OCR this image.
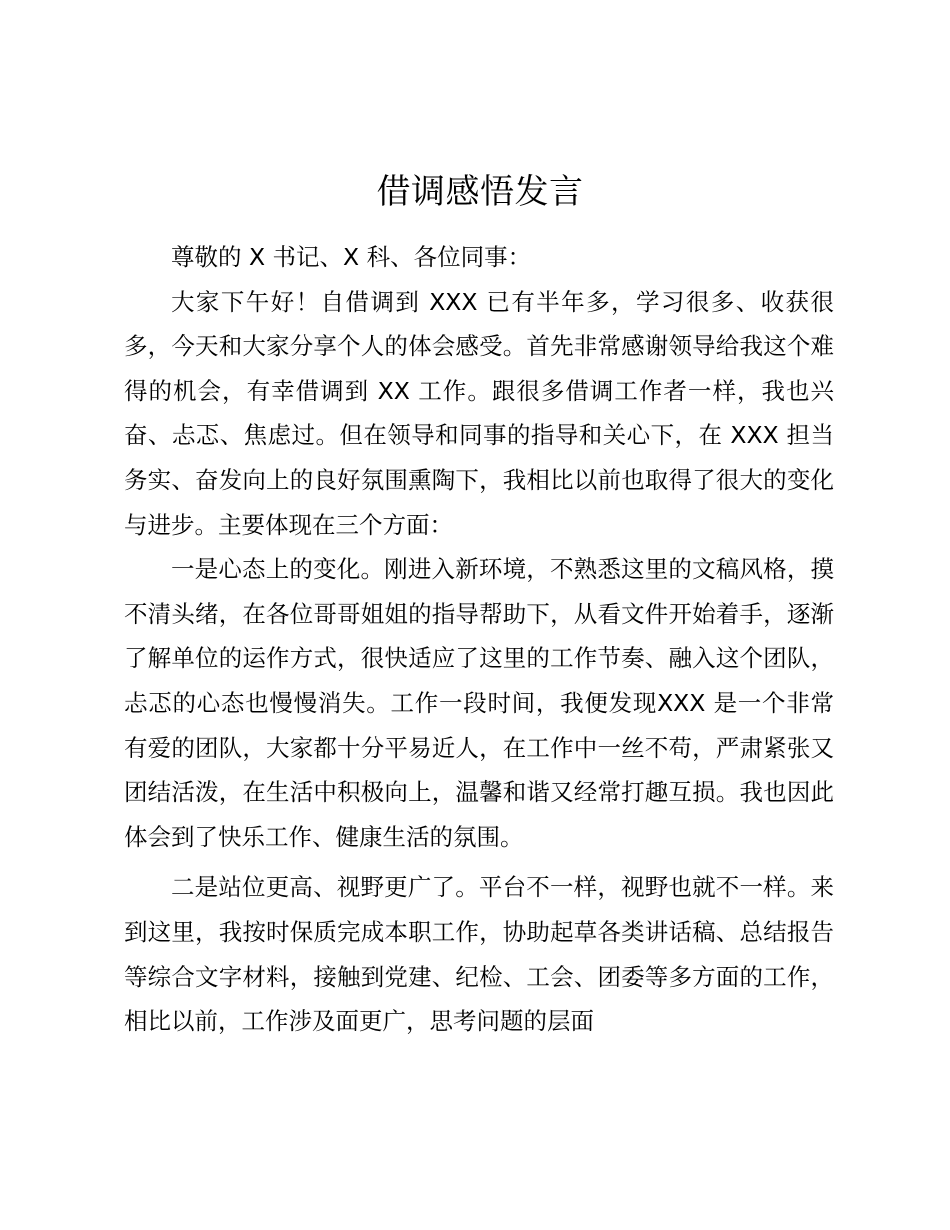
借调感悟发言

尊敬的 X 书记、X 科、各位同事：

大家下午好！自借调到 XXX 已有半年多，学习很多、收获很多，今天和大家分享个人的体会感受。首先非常感谢领导给我这个难得的机会，有幸借调到 XX 工作。跟很多借调工作者一样，我也兴奋、忐忑、焦虑过。但在领导和同事的指导和关心下，在 XXX 担当务实、奋发向上的良好氛围熏陶下，我相比以前也取得了很大的变化与进步。主要体现在三个方面：

一是心态上的变化。刚进入新环境，不熟悉这里的文稿风格，摸不清头绪，在各位哥哥姐姐的指导帮助下，从看文件开始着手，逐渐了解单位的运作方式，很快适应了这里的工作节奏、融入这个团队，忐忑的心态也慢慢消失。工作一段时间，我便发现XXX 是一个非常有爱的团队，大家都十分平易近人，在工作中一丝不苟，严肃紧张又团结活泼，在生活中积极向上，温馨和谐又经常打趣互损。我也因此体会到了快乐工作、健康生活的氛围。

二是站位更高、视野更广了。平台不一样，视野也就不一样。来到这里，我按时保质完成本职工作，协助起草各类讲话稿、总结报告等综合文字材料，接触到党建、纪检、工会、团委等多方面的工作，相比以前，工作涉及面更广，思考问题的层面
